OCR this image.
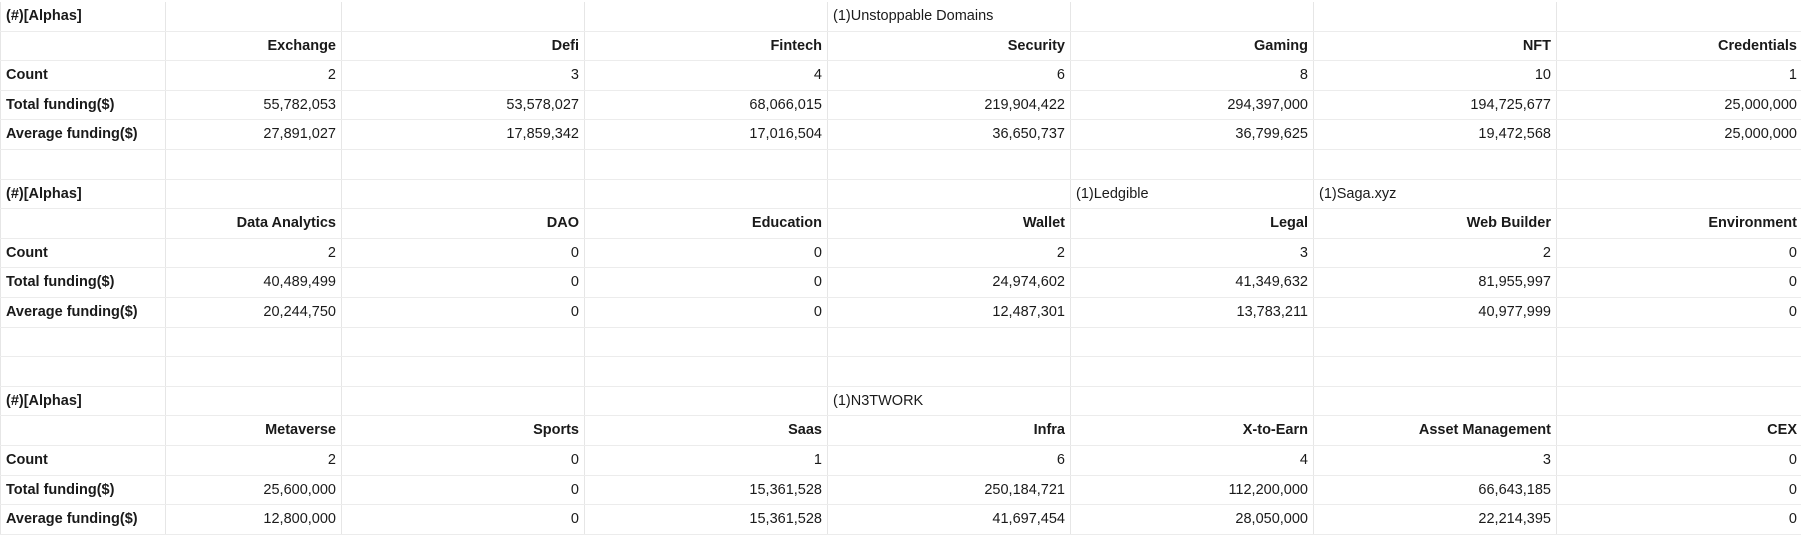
(#)[Alphas]				(1)Unstoppable Domains			
	Exchange	Defi	Fintech	Security	Gaming	NFT	Credentials
Count	2	3	4	6	8	10	1
Total funding($)	55,782,053	53,578,027	68,066,015	219,904,422	294,397,000	194,725,677	25,000,000
Average funding($)	27,891,027	17,859,342	17,016,504	36,650,737	36,799,625	19,472,568	25,000,000

(#)[Alphas]					(1)Ledgible	(1)Saga.xyz	
	Data Analytics	DAO	Education	Wallet	Legal	Web Builder	Environment
Count	2	0	0	2	3	2	0
Total funding($)	40,489,499	0	0	24,974,602	41,349,632	81,955,997	0
Average funding($)	20,244,750	0	0	12,487,301	13,783,211	40,977,999	0

(#)[Alphas]				(1)N3TWORK			
	Metaverse	Sports	Saas	Infra	X-to-Earn	Asset Management	CEX
Count	2	0	1	6	4	3	0
Total funding($)	25,600,000	0	15,361,528	250,184,721	112,200,000	66,643,185	0
Average funding($)	12,800,000	0	15,361,528	41,697,454	28,050,000	22,214,395	0
